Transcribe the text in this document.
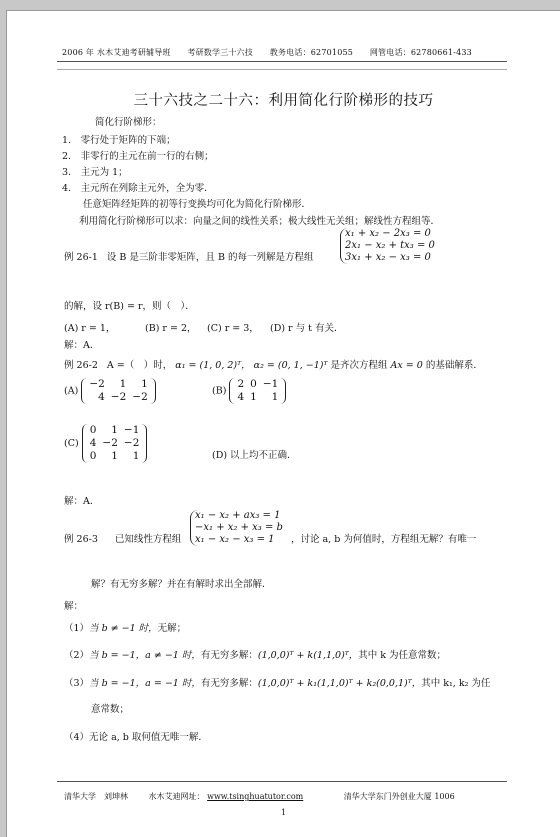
2006 年 水木艾迪考研辅导班 考研数学三十六技 教务电话：62701055 网管电话：62780661-433
三十六技之二十六：利用简化行阶梯形的技巧
简化行阶梯形：
1.　零行处于矩阵的下端；
2.　非零行的主元在前一行的右侧；
3.　主元为 1；
4.　主元所在列除主元外，全为零．
任意矩阵经矩阵的初等行变换均可化为简化行阶梯形．
利用简化行阶梯形可以求：向量之间的线性关系；极大线性无关组；解线性方程组等．
例 26-1 设 B 是三阶非零矩阵，且 B 的每一列解是方程组
x₁ + x₂ − 2x₃ = 0
2x₁ − x₂ + tx₃ = 0
3x₁ + x₂ − x₃ = 0
的解，设 r(B) = r，则（　）．
(A) r = 1，	(B) r = 2， (C) r = 3， (D) r 与 t 有关．
解：A．
例 26-2 A =（　）时， α₁ = (1, 0, 2)ᵀ， α₂ = (0, 1, −1)ᵀ 是齐次方程组 Ax = 0 的基础解系．
(A)
−2	1	1
4	−2	−2	(B)
2	0	−1
4	1	1
(C)
0	1	−1
4	−2	−2
0	1	1	(D) 以上均不正确．
解：A．
例 26-3 已知线性方程组
x₁ − x₂ + ax₃ = 1
−x₁ + x₂ + x₃ = b
x₁ − x₂ − x₃ = 1	，讨论 a, b 为何值时，方程组无解？有唯一
解？有无穷多解？并在有解时求出全部解．
解：
（1）当 b ≠ −1 时，无解；
（2）当 b = −1，a ≠ −1 时，有无穷多解：(1,0,0)ᵀ + k(1,1,0)ᵀ，其中 k 为任意常数；
（3）当 b = −1，a = −1 时，有无穷多解：(1,0,0)ᵀ + k₁(1,1,0)ᵀ + k₂(0,0,1)ᵀ，其中 k₁, k₂ 为任
意常数；
（4）无论 a, b 取何值无唯一解．
清华大学　刘坤林	水木艾迪网址： www.tsinghuatutor.com	清华大学东门外创业大厦 1006
1
